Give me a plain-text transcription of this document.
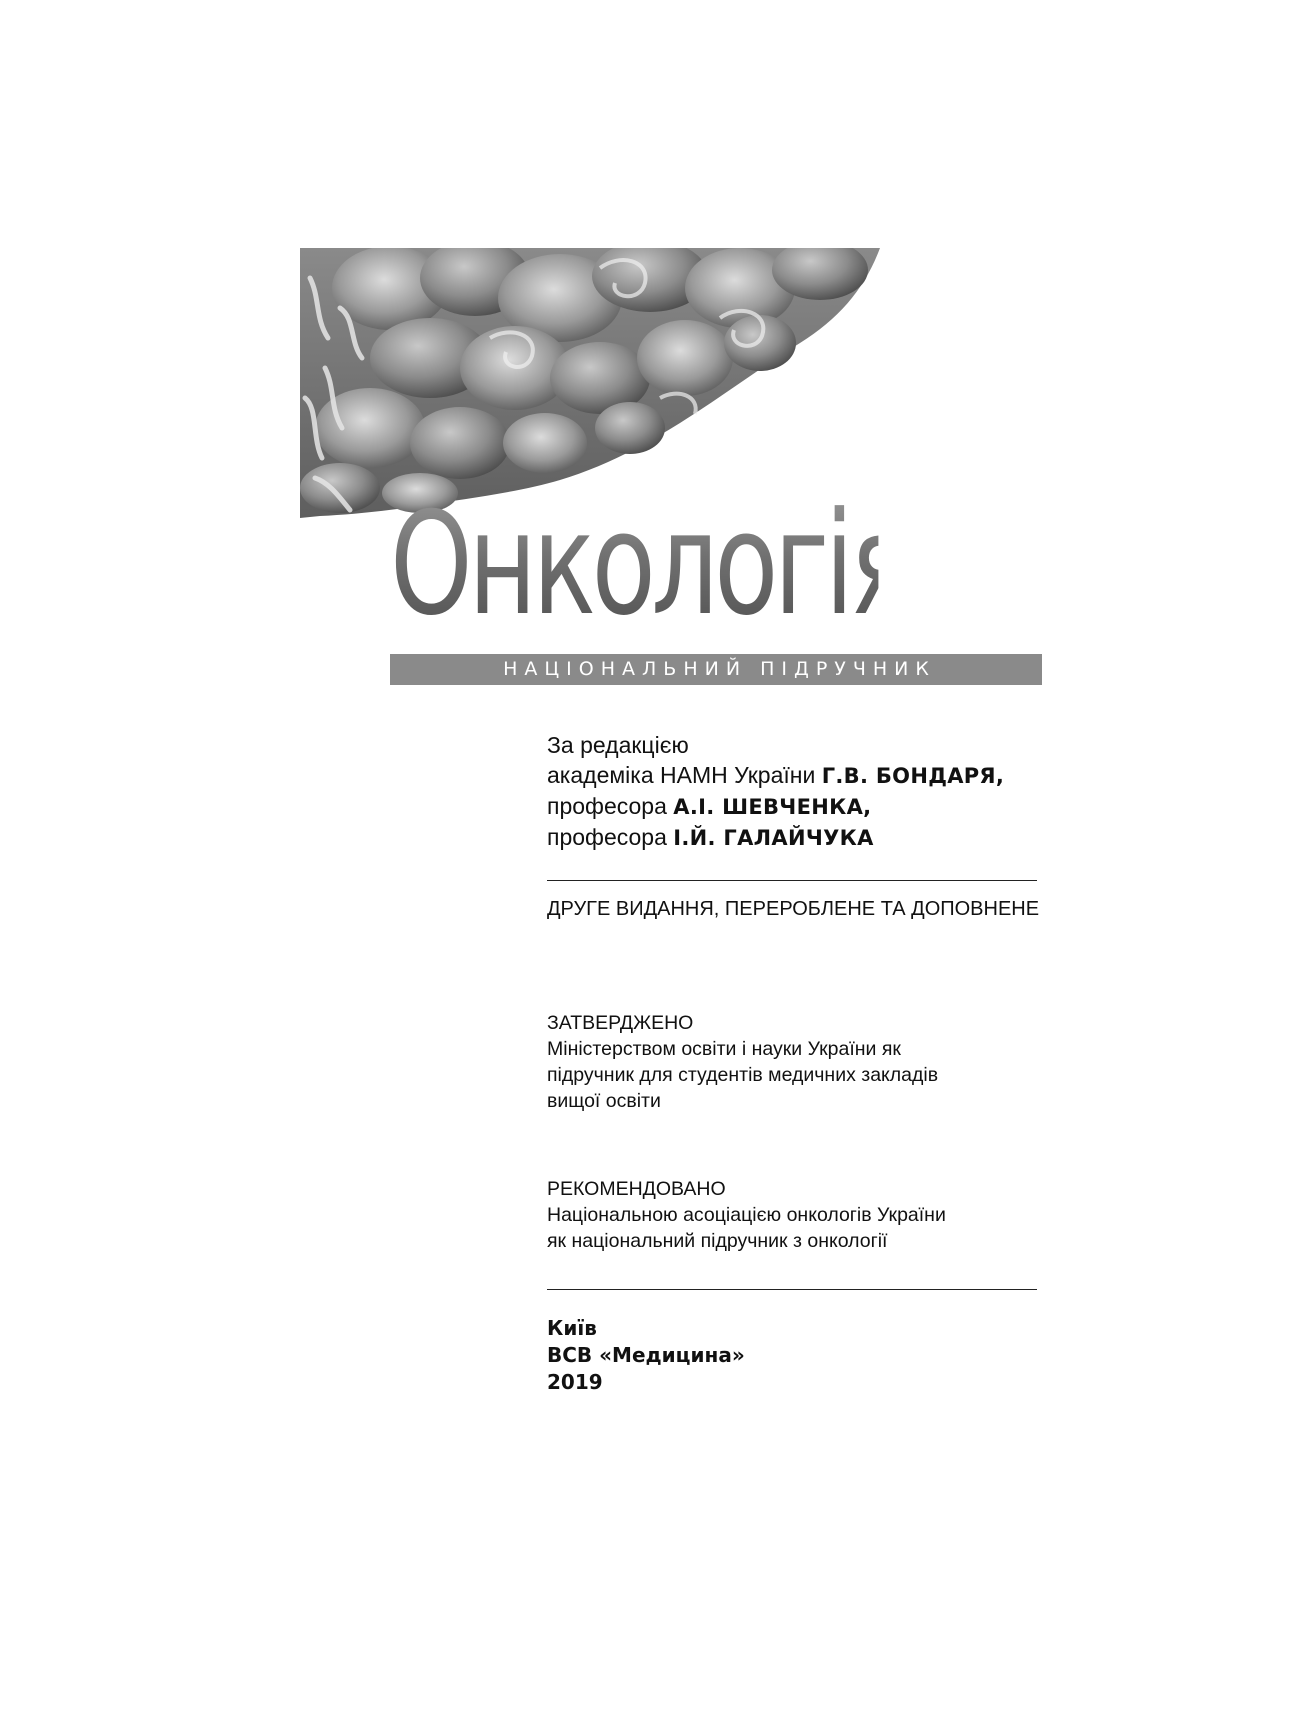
Онкологія
НАЦІОНАЛЬНИЙ ПІДРУЧНИК
За редакцією
академіка НАМН України Г.В. БОНДАРЯ,
професора А.І. ШЕВЧЕНКА,
професора І.Й. ГАЛАЙЧУКА
ДРУГЕ ВИДАННЯ, ПЕРЕРОБЛЕНЕ ТА ДОПОВНЕНЕ
ЗАТВЕРДЖЕНО
Міністерством освіти і науки України як
підручник для студентів медичних закладів
вищої освіти
РЕКОМЕНДОВАНО
Національною асоціацією онкологів України
як національний підручник з онкології
Київ
ВСВ «Медицина»
2019
